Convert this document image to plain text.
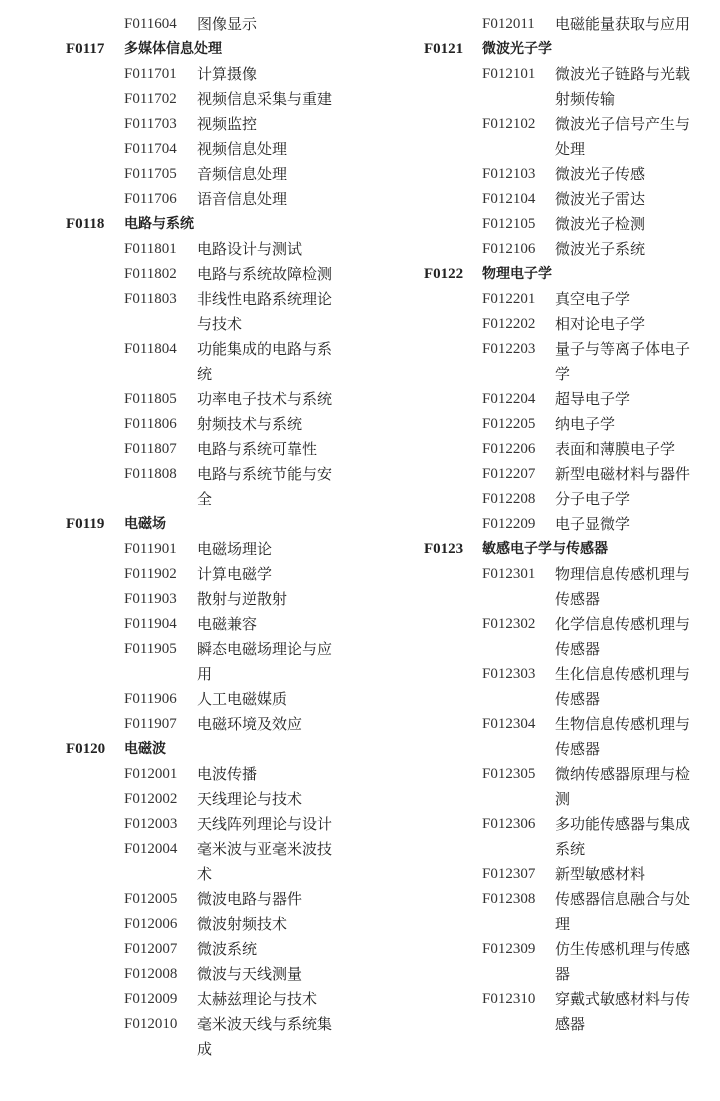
F011604	图像显示
F0117	多媒体信息处理
F011701	计算摄像
F011702	视频信息采集与重建
F011703	视频监控
F011704	视频信息处理
F011705	音频信息处理
F011706	语音信息处理
F0118	电路与系统
F011801	电路设计与测试
F011802	电路与系统故障检测
F011803	非线性电路系统理论与技术
F011804	功能集成的电路与系统
F011805	功率电子技术与系统
F011806	射频技术与系统
F011807	电路与系统可靠性
F011808	电路与系统节能与安全
F0119	电磁场
F011901	电磁场理论
F011902	计算电磁学
F011903	散射与逆散射
F011904	电磁兼容
F011905	瞬态电磁场理论与应用
F011906	人工电磁媒质
F011907	电磁环境及效应
F0120	电磁波
F012001	电波传播
F012002	天线理论与技术
F012003	天线阵列理论与设计
F012004	毫米波与亚毫米波技术
F012005	微波电路与器件
F012006	微波射频技术
F012007	微波系统
F012008	微波与天线测量
F012009	太赫兹理论与技术
F012010	毫米波天线与系统集成
F012011	电磁能量获取与应用
F0121	微波光子学
F012101	微波光子链路与光载射频传输
F012102	微波光子信号产生与处理
F012103	微波光子传感
F012104	微波光子雷达
F012105	微波光子检测
F012106	微波光子系统
F0122	物理电子学
F012201	真空电子学
F012202	相对论电子学
F012203	量子与等离子体电子学
F012204	超导电子学
F012205	纳电子学
F012206	表面和薄膜电子学
F012207	新型电磁材料与器件
F012208	分子电子学
F012209	电子显微学
F0123	敏感电子学与传感器
F012301	物理信息传感机理与传感器
F012302	化学信息传感机理与传感器
F012303	生化信息传感机理与传感器
F012304	生物信息传感机理与传感器
F012305	微纳传感器原理与检测
F012306	多功能传感器与集成系统
F012307	新型敏感材料
F012308	传感器信息融合与处理
F012309	仿生传感机理与传感器
F012310	穿戴式敏感材料与传感器
